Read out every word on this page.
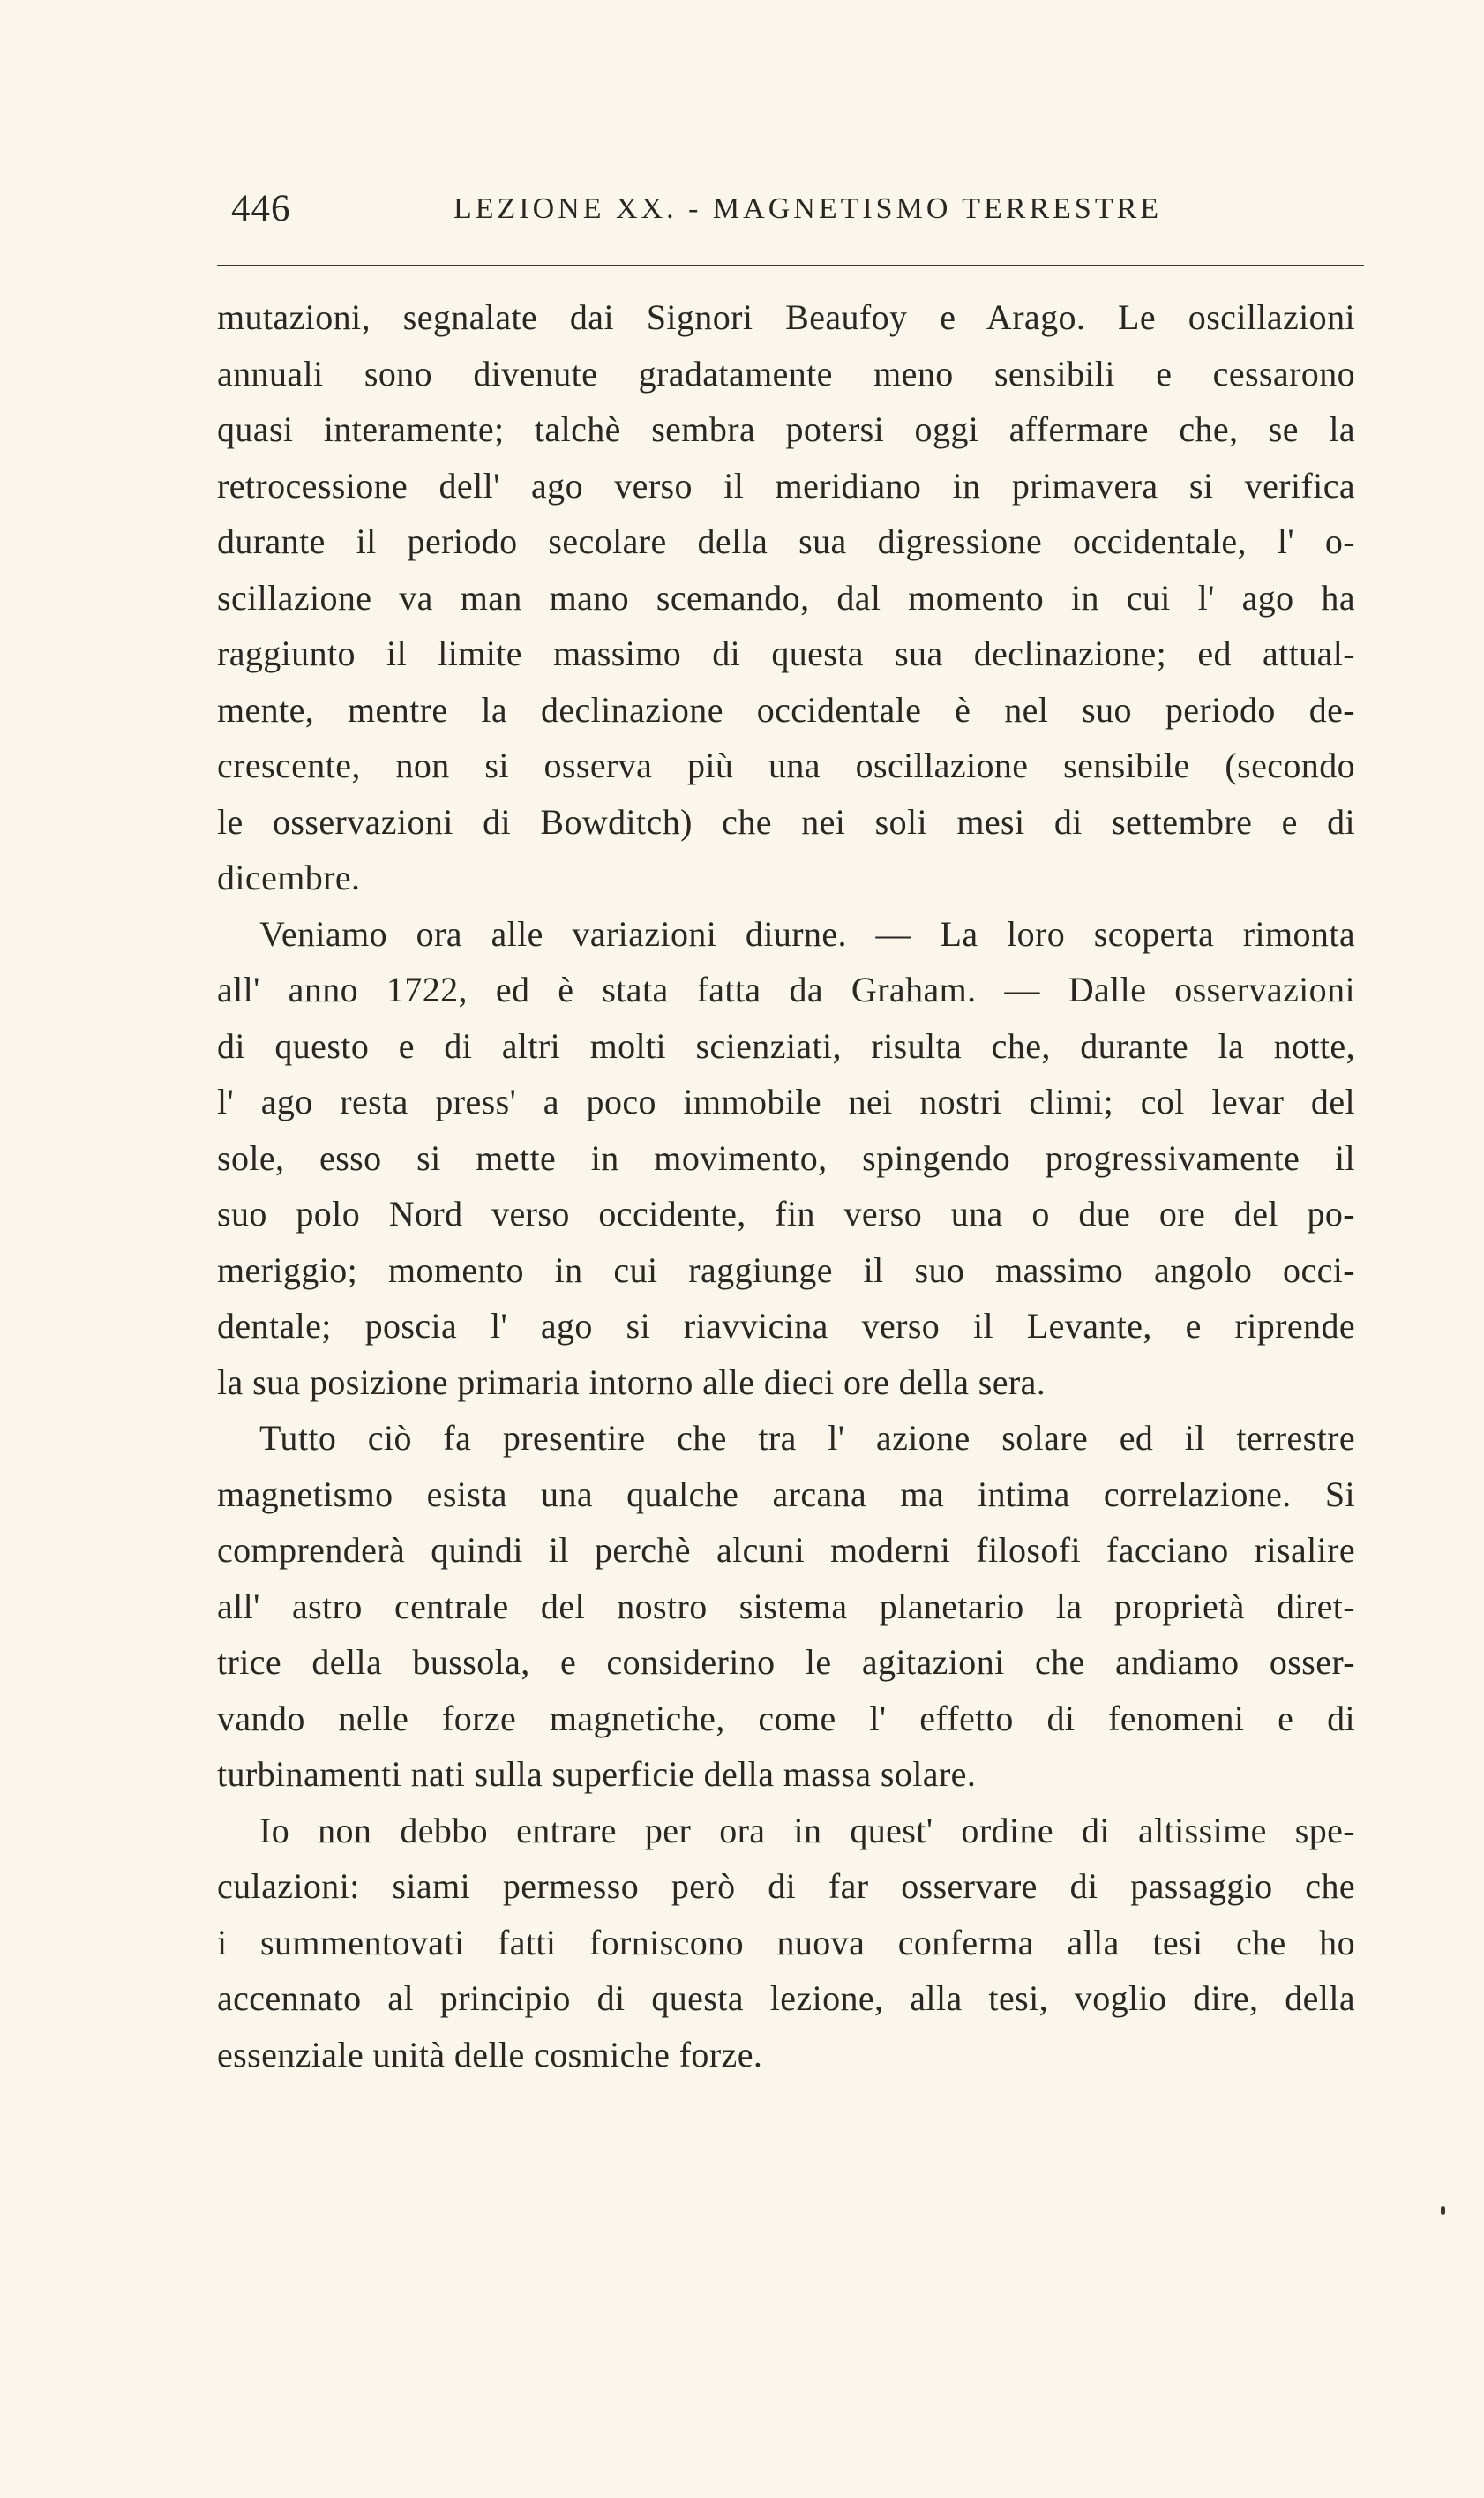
446	LEZIONE XX. - MAGNETISMO TERRESTRE
mutazioni, segnalate dai Signori Beaufoy e Arago. Le oscillazioni
annuali sono divenute gradatamente meno sensibili e cessarono
quasi interamente; talchè sembra potersi oggi affermare che, se la
retrocessione dell' ago verso il meridiano in primavera si verifica
durante il periodo secolare della sua digressione occidentale, l' o-
scillazione va man mano scemando, dal momento in cui l' ago ha
raggiunto il limite massimo di questa sua declinazione; ed attual-
mente, mentre la declinazione occidentale è nel suo periodo de-
crescente, non si osserva più una oscillazione sensibile (secondo
le osservazioni di Bowditch) che nei soli mesi di settembre e di
dicembre.
Veniamo ora alle variazioni diurne. — La loro scoperta rimonta
all' anno 1722, ed è stata fatta da Graham. — Dalle osservazioni
di questo e di altri molti scienziati, risulta che, durante la notte,
l' ago resta press' a poco immobile nei nostri climi; col levar del
sole, esso si mette in movimento, spingendo progressivamente il
suo polo Nord verso occidente, fin verso una o due ore del po-
meriggio; momento in cui raggiunge il suo massimo angolo occi-
dentale; poscia l' ago si riavvicina verso il Levante, e riprende
la sua posizione primaria intorno alle dieci ore della sera.
Tutto ciò fa presentire che tra l' azione solare ed il terrestre
magnetismo esista una qualche arcana ma intima correlazione. Si
comprenderà quindi il perchè alcuni moderni filosofi facciano risalire
all' astro centrale del nostro sistema planetario la proprietà diret-
trice della bussola, e considerino le agitazioni che andiamo osser-
vando nelle forze magnetiche, come l' effetto di fenomeni e di
turbinamenti nati sulla superficie della massa solare.
Io non debbo entrare per ora in quest' ordine di altissime spe-
culazioni: siami permesso però di far osservare di passaggio che
i summentovati fatti forniscono nuova conferma alla tesi che ho
accennato al principio di questa lezione, alla tesi, voglio dire, della
essenziale unità delle cosmiche forze.
